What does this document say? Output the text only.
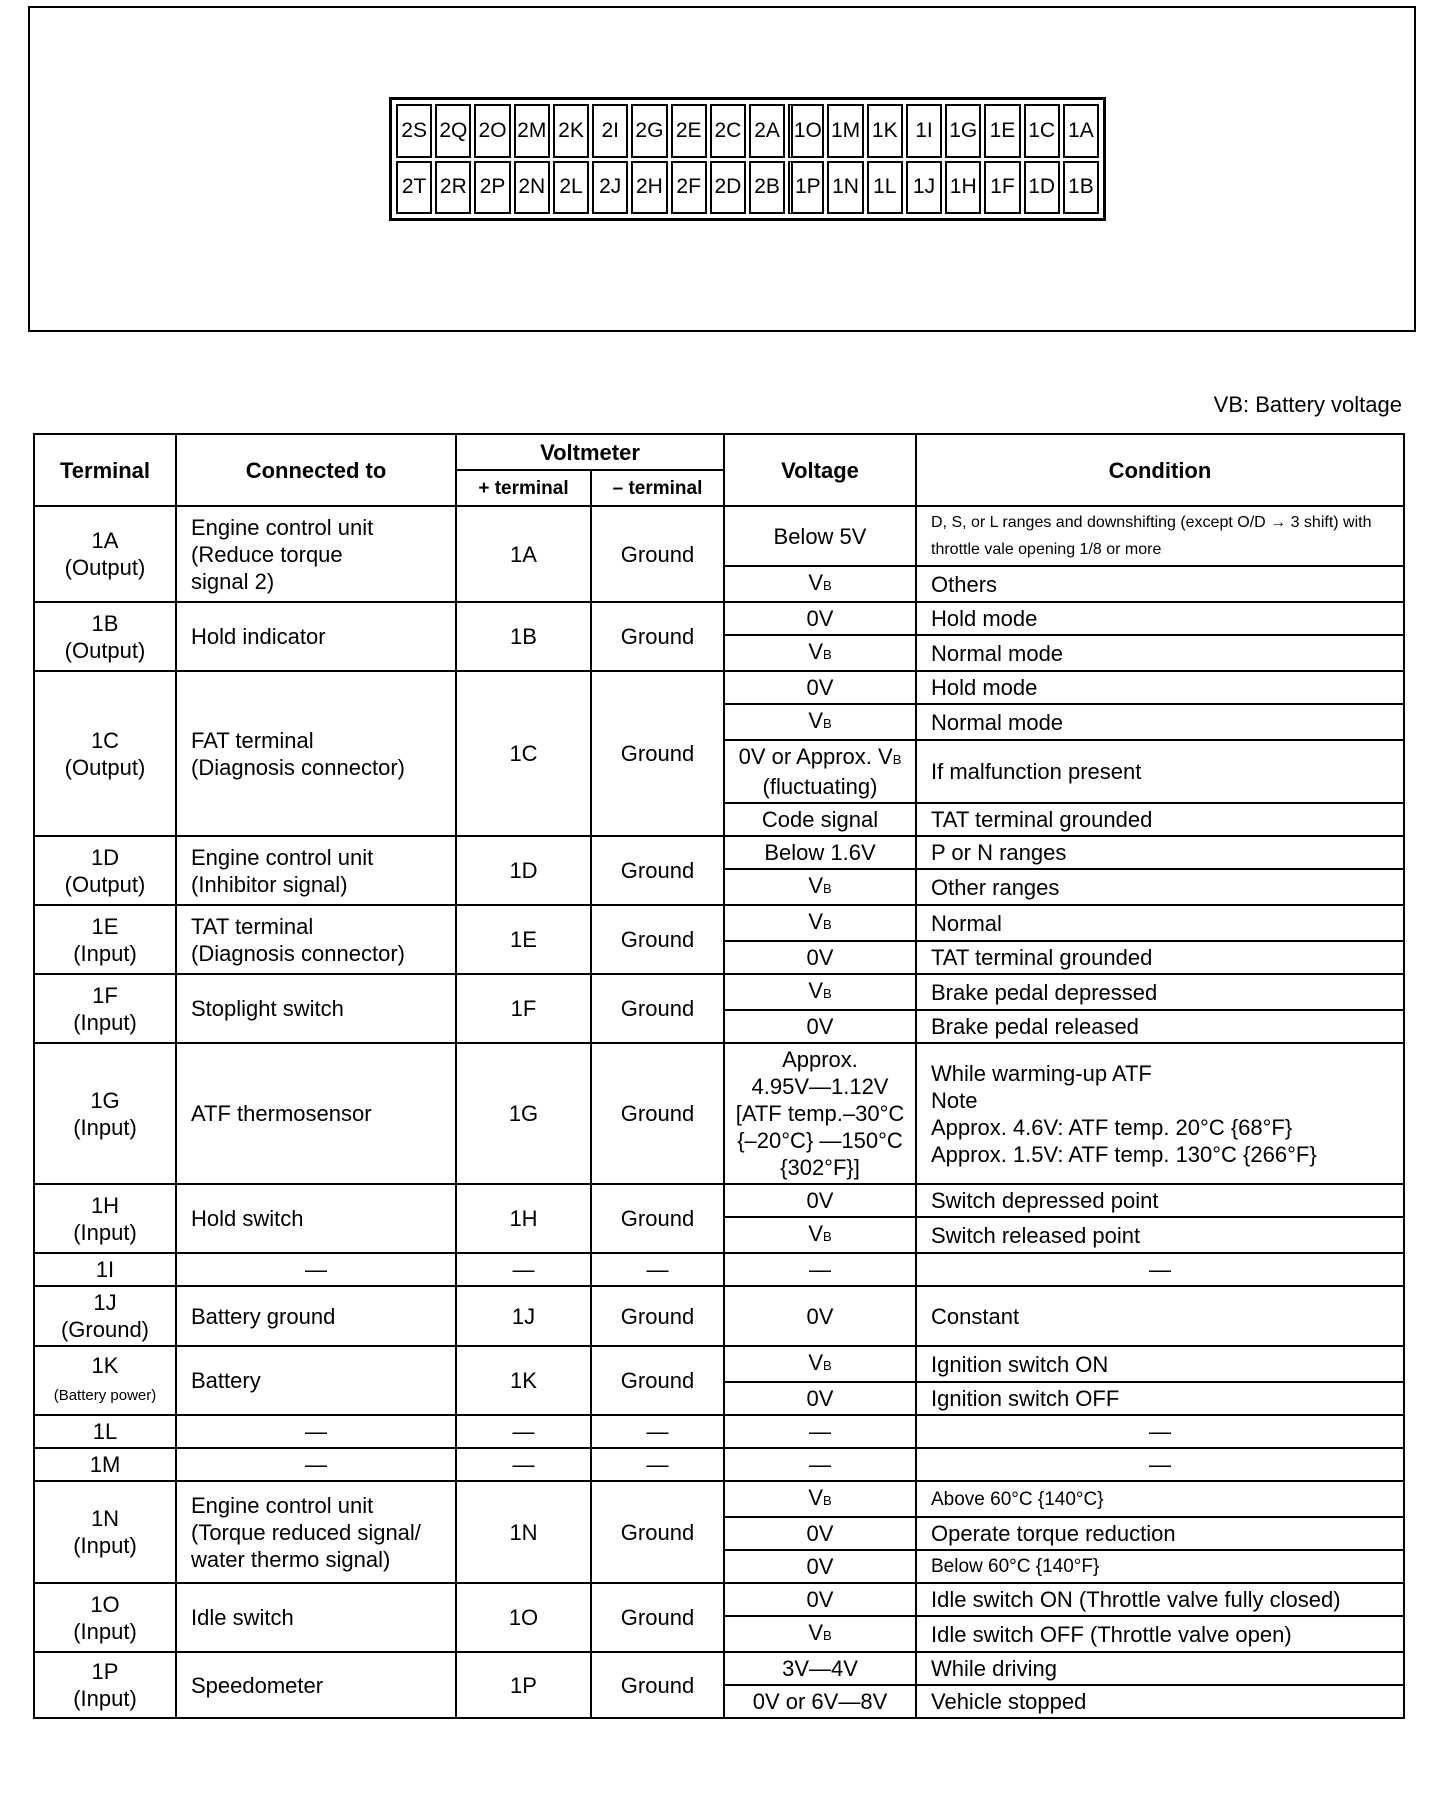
2S 2Q 2O 2M 2K 2I 2G 2E 2C 2A 1O 1M 1K 1I 1G 1E 1C 1A
2T 2R 2P 2N 2L 2J 2H 2F 2D 2B 1P 1N 1L 1J 1H 1F 1D 1B
VB: Battery voltage
Terminal	Connected to	Voltmeter		Voltage	Condition
		+ terminal	– terminal		
1A
(Output)	Engine control unit
(Reduce torque
signal 2)	1A	Ground	Below 5V	D, S, or L ranges and downshifting (except O/D → 3 shift) with throttle vale opening 1/8 or more
				VB	Others
1B
(Output)	Hold indicator	1B	Ground	0V	Hold mode
				VB	Normal mode
1C
(Output)	FAT terminal
(Diagnosis connector)	1C	Ground	0V	Hold mode
				VB	Normal mode
				0V or Approx. VB
(fluctuating)	If malfunction present
				Code signal	TAT terminal grounded
1D
(Output)	Engine control unit
(Inhibitor signal)	1D	Ground	Below 1.6V	P or N ranges
				VB	Other ranges
1E
(Input)	TAT terminal
(Diagnosis connector)	1E	Ground	VB	Normal
				0V	TAT terminal grounded
1F
(Input)	Stoplight switch	1F	Ground	VB	Brake pedal depressed
				0V	Brake pedal released
1G
(Input)	ATF thermosensor	1G	Ground	Approx.
4.95V—1.12V
[ATF temp.–30°C
{–20°C} —150°C
{302°F}]	While warming-up ATF
Note
Approx. 4.6V: ATF temp. 20°C {68°F}
Approx. 1.5V: ATF temp. 130°C {266°F}
1H
(Input)	Hold switch	1H	Ground	0V	Switch depressed point
				VB	Switch released point
1I	—	—	—	—	—
1J
(Ground)	Battery ground	1J	Ground	0V	Constant
1K
(Battery power)	Battery	1K	Ground	VB	Ignition switch ON
				0V	Ignition switch OFF
1L	—	—	—	—	—
1M	—	—	—	—	—
1N
(Input)	Engine control unit
(Torque reduced signal/
water thermo signal)	1N	Ground	VB	Above 60°C {140°C}
				0V	Operate torque reduction
				0V	Below 60°C {140°F}
1O
(Input)	Idle switch	1O	Ground	0V	Idle switch ON (Throttle valve fully closed)
				VB	Idle switch OFF (Throttle valve open)
1P
(Input)	Speedometer	1P	Ground	3V—4V	While driving
				0V or 6V—8V	Vehicle stopped
